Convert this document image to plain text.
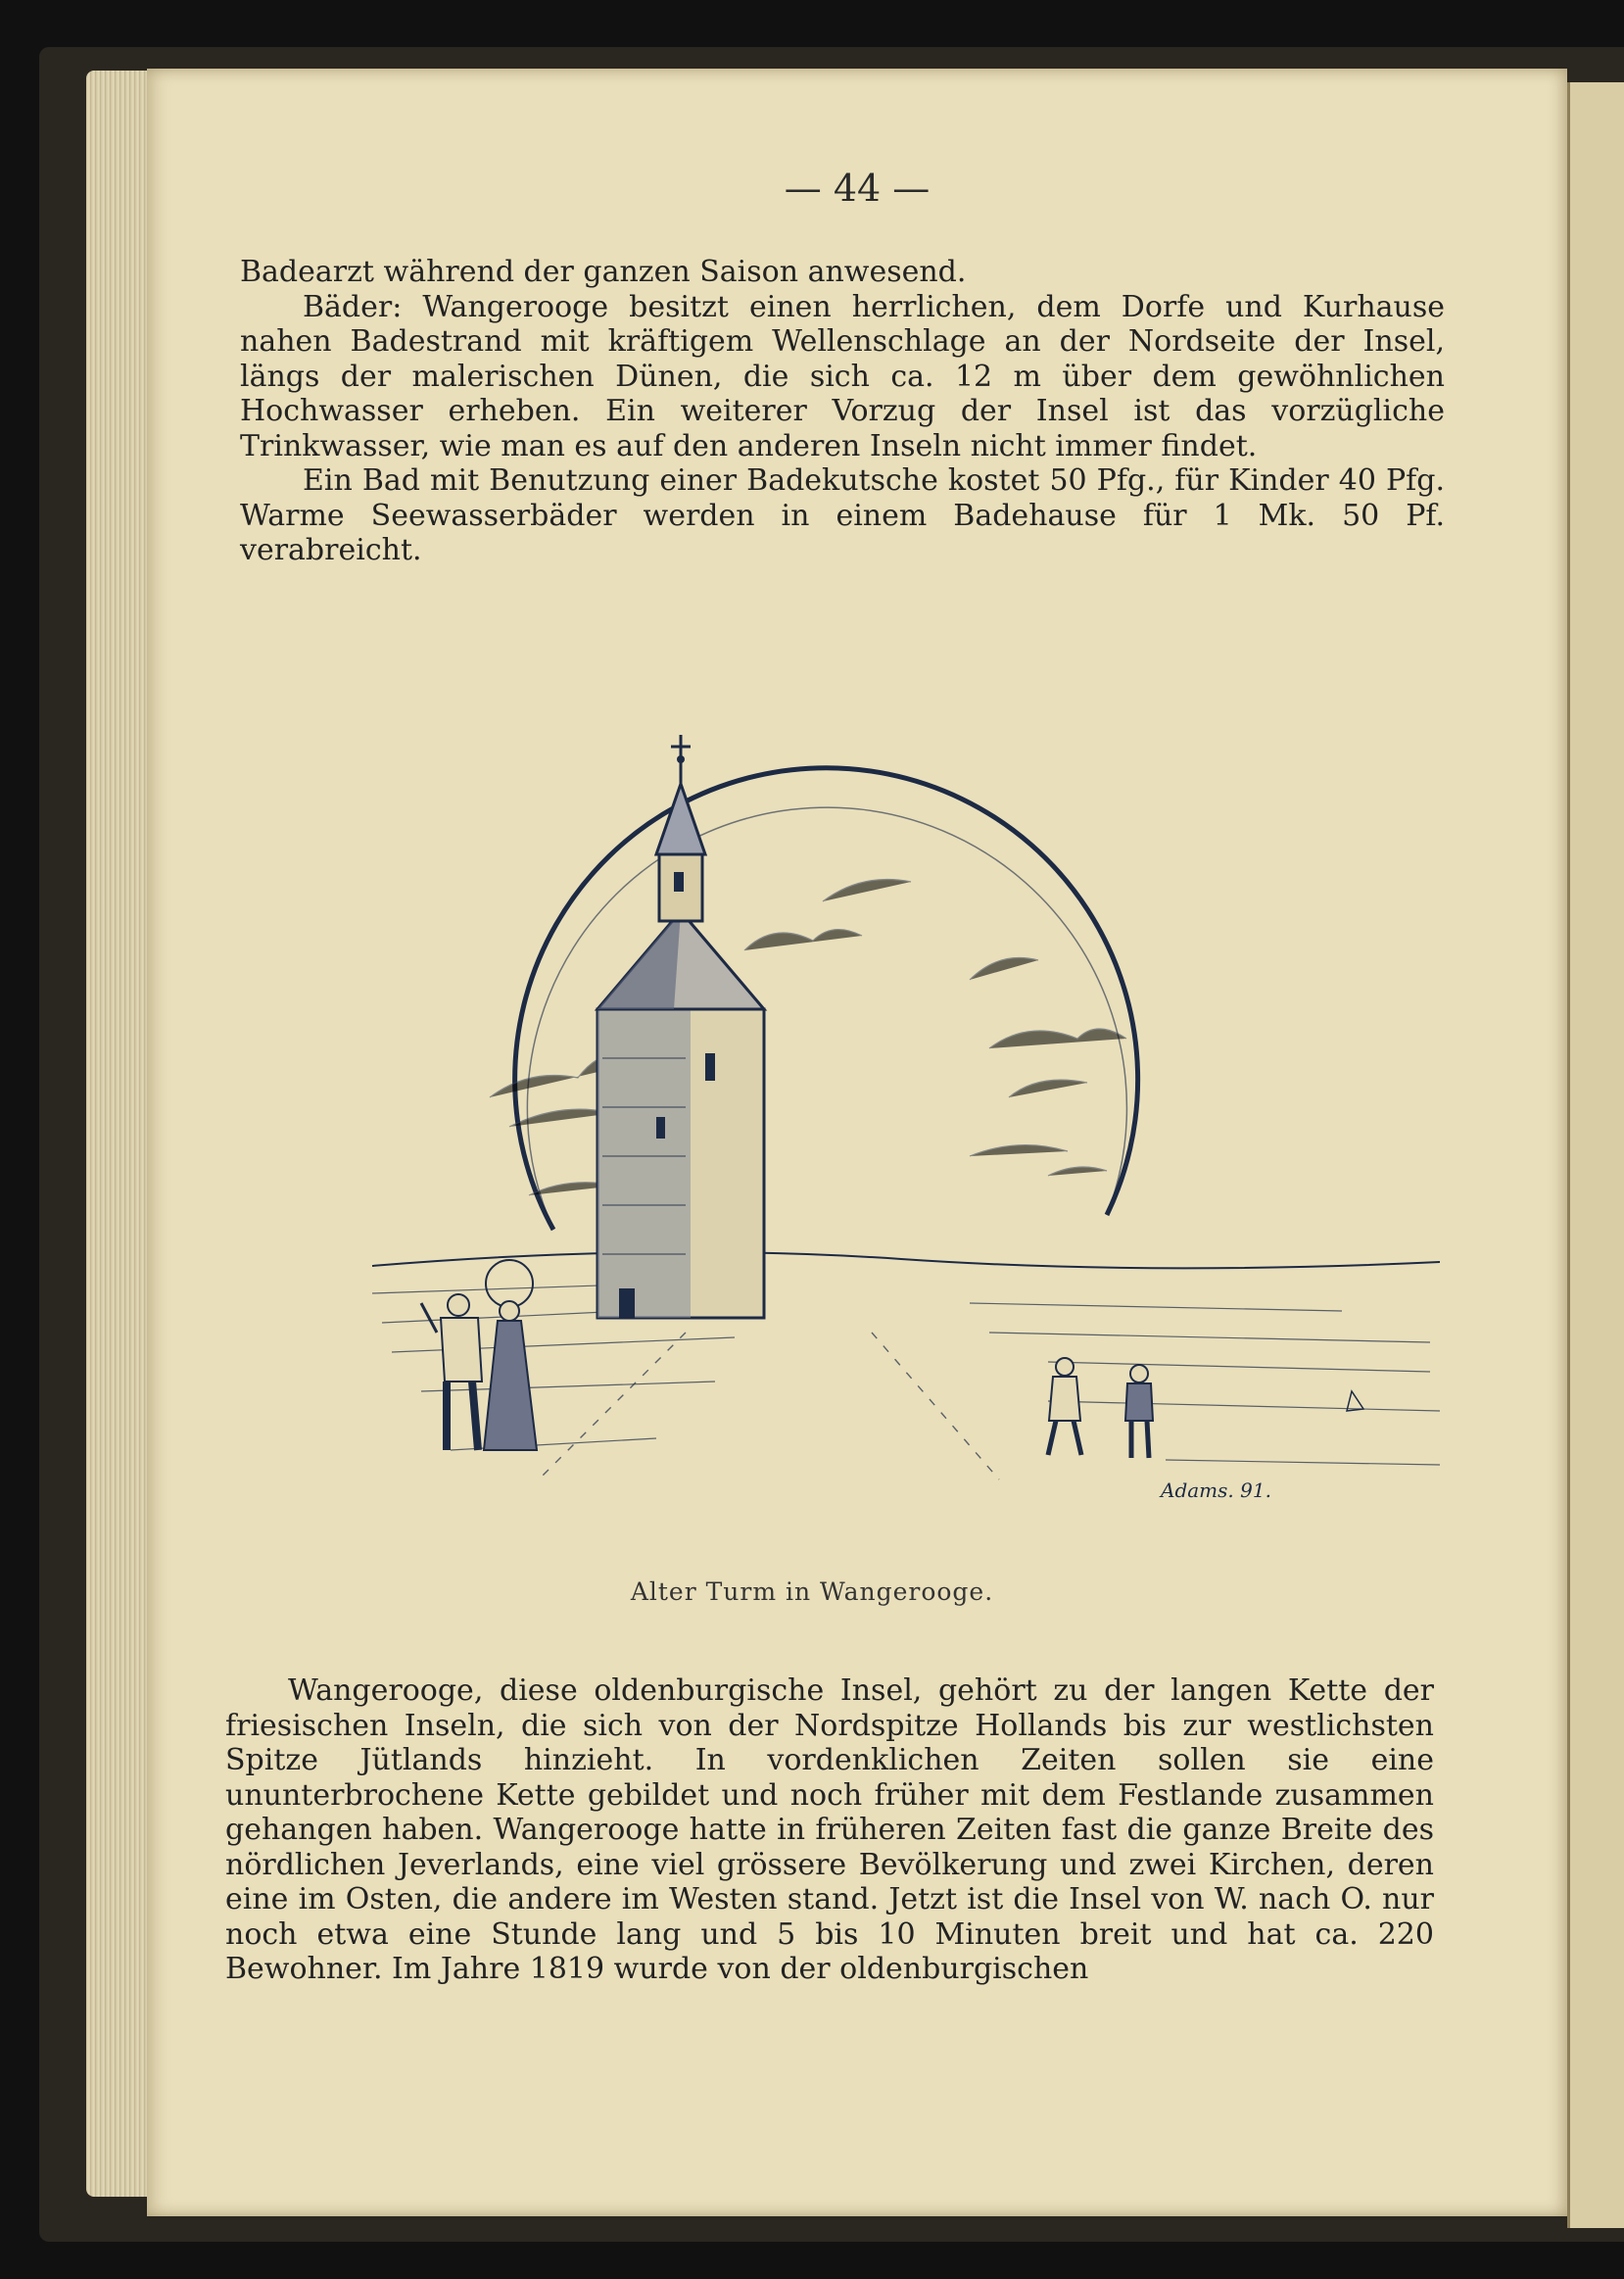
— 44 —

Badearzt während der ganzen Saison anwesend.

Bäder: Wangerooge besitzt einen herrlichen, dem Dorfe und Kurhause nahen Badestrand mit kräftigem Wellenschlage an der Nordseite der Insel, längs der malerischen Dünen, die sich ca. 12 m über dem gewöhnlichen Hochwasser erheben. Ein weiterer Vorzug der Insel ist das vorzügliche Trinkwasser, wie man es auf den anderen Inseln nicht immer findet.

Ein Bad mit Benutzung einer Badekutsche kostet 50 Pfg., für Kinder 40 Pfg. Warme Seewasserbäder werden in einem Badehause für 1 Mk. 50 Pf. verabreicht.

Adams. 91.
Alter Turm in Wangerooge.

Wangerooge, diese oldenburgische Insel, gehört zu der langen Kette der friesischen Inseln, die sich von der Nordspitze Hollands bis zur westlichsten Spitze Jütlands hinzieht. In vordenklichen Zeiten sollen sie eine ununterbrochene Kette gebildet und noch früher mit dem Festlande zusammen gehangen haben. Wangerooge hatte in früheren Zeiten fast die ganze Breite des nördlichen Jeverlands, eine viel grössere Bevölkerung und zwei Kirchen, deren eine im Osten, die andere im Westen stand. Jetzt ist die Insel von W. nach O. nur noch etwa eine Stunde lang und 5 bis 10 Minuten breit und hat ca. 220 Bewohner. Im Jahre 1819 wurde von der oldenburgischen
